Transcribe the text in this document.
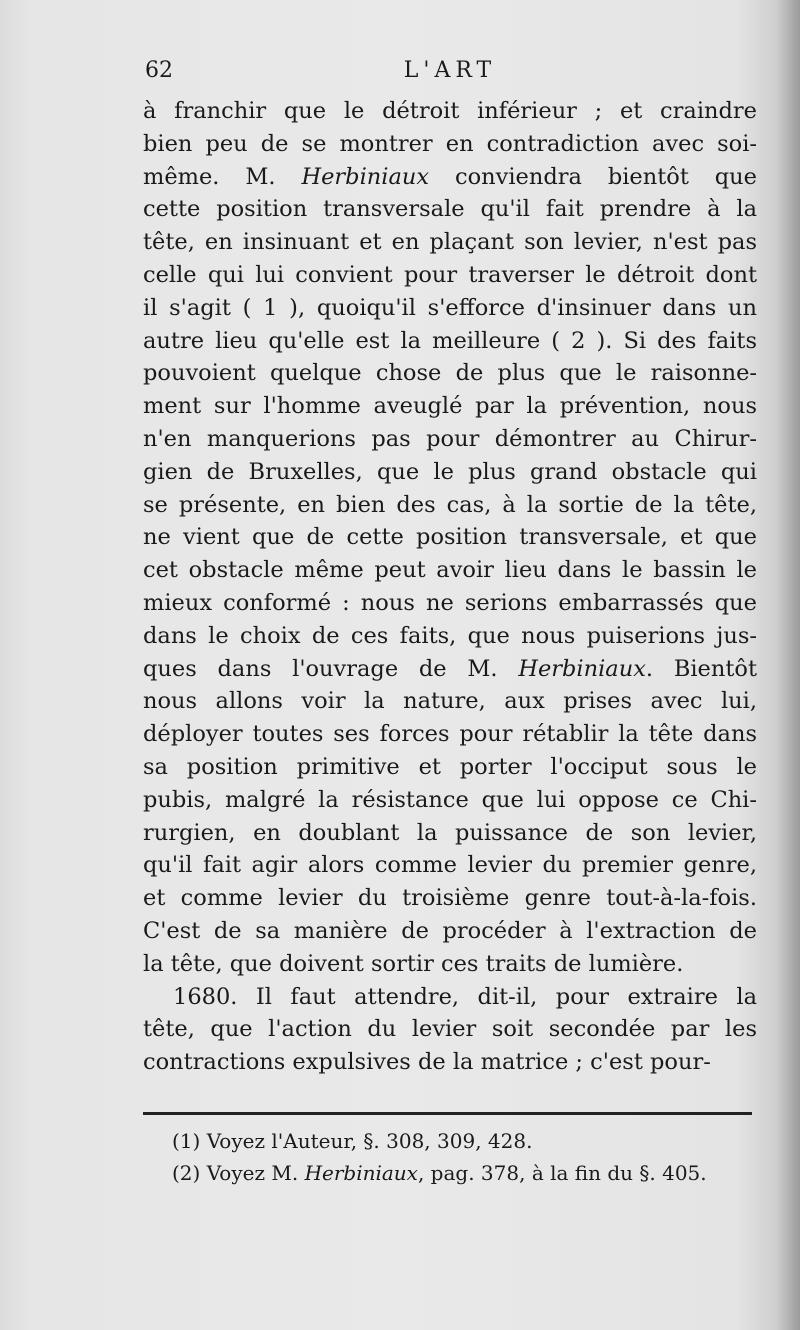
62	L'ART
à franchir que le détroit inférieur ; et craindre
bien peu de se montrer en contradiction avec soi-
même. M. Herbiniaux conviendra bientôt que
cette position transversale qu'il fait prendre à la
tête, en insinuant et en plaçant son levier, n'est pas
celle qui lui convient pour traverser le détroit dont
il s'agit ( 1 ), quoiqu'il s'efforce d'insinuer dans un
autre lieu qu'elle est la meilleure ( 2 ). Si des faits
pouvoient quelque chose de plus que le raisonne-
ment sur l'homme aveuglé par la prévention, nous
n'en manquerions pas pour démontrer au Chirur-
gien de Bruxelles, que le plus grand obstacle qui
se présente, en bien des cas, à la sortie de la tête,
ne vient que de cette position transversale, et que
cet obstacle même peut avoir lieu dans le bassin le
mieux conformé : nous ne serions embarrassés que
dans le choix de ces faits, que nous puiserions jus-
ques dans l'ouvrage de M. Herbiniaux. Bientôt
nous allons voir la nature, aux prises avec lui,
déployer toutes ses forces pour rétablir la tête dans
sa position primitive et porter l'occiput sous le
pubis, malgré la résistance que lui oppose ce Chi-
rurgien, en doublant la puissance de son levier,
qu'il fait agir alors comme levier du premier genre,
et comme levier du troisième genre tout-à-la-fois.
C'est de sa manière de procéder à l'extraction de
la tête, que doivent sortir ces traits de lumière.
1680. Il faut attendre, dit-il, pour extraire la
tête, que l'action du levier soit secondée par les
contractions expulsives de la matrice ; c'est pour-
(1) Voyez l'Auteur, §. 308, 309, 428.
(2) Voyez M. Herbiniaux, pag. 378, à la fin du §. 405.
